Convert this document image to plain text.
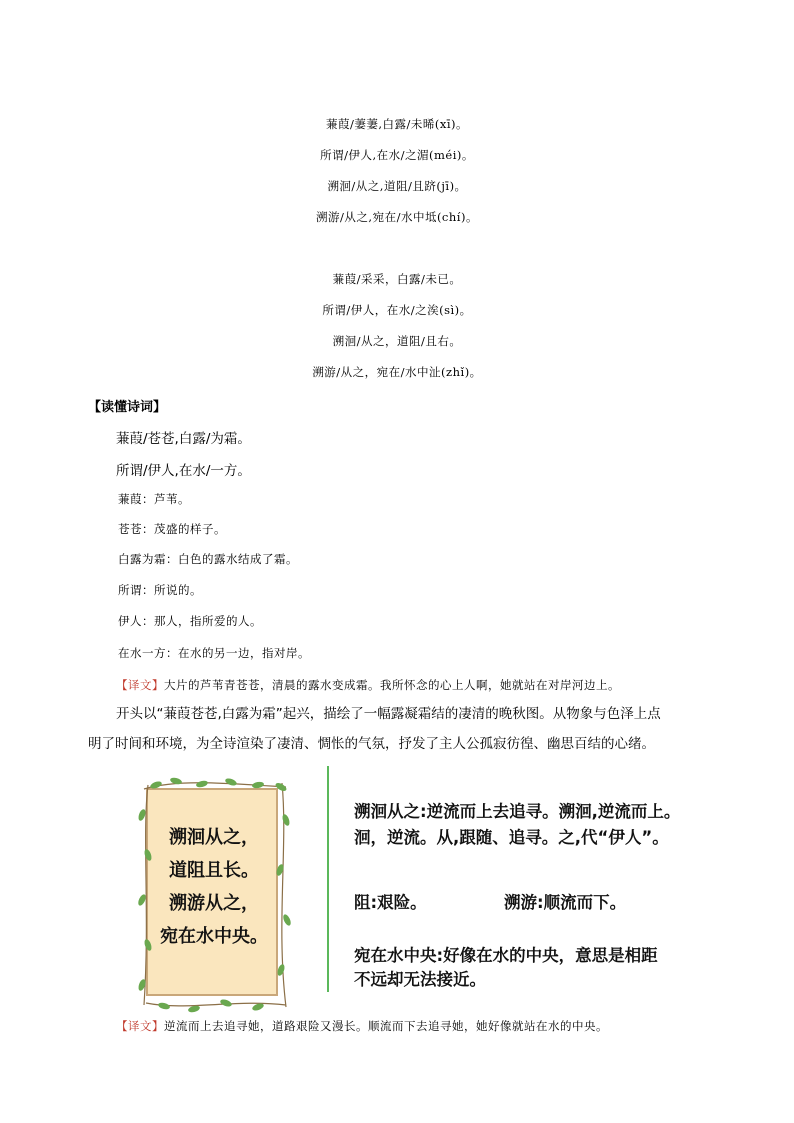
蒹葭/萋萋,白露/未晞(xī)。
所谓/伊人,在水/之湄(méi)。
溯洄/从之,道阻/且跻(jī)。
溯游/从之,宛在/水中坻(chí)。
蒹葭/采采，白露/未已。
所谓/伊人，在水/之涘(sì)。
溯洄/从之，道阻/且右。
溯游/从之，宛在/水中沚(zhǐ)。
【读懂诗词】
蒹葭/苍苍,白露/为霜。
所谓/伊人,在水/一方。
蒹葭：芦苇。
苍苍：茂盛的样子。
白露为霜：白色的露水结成了霜。
所谓：所说的。
伊人：那人，指所爱的人。
在水一方：在水的另一边，指对岸。
【译文】大片的芦苇青苍苍，清晨的露水变成霜。我所怀念的心上人啊，她就站在对岸河边上。
开头以“蒹葭苍苍,白露为霜”起兴，描绘了一幅露凝霜结的凄清的晚秋图。从物象与色泽上点
明了时间和环境，为全诗渲染了凄清、惆怅的气氛，抒发了主人公孤寂彷徨、幽思百结的心绪。
溯洄从之，
道阻且长。
溯游从之，
宛在水中央。
溯洄从之:逆流而上去追寻。溯洄,逆流而上。
洄，逆流。从,跟随、追寻。之,代“伊人”。
阻:艰险。	溯游:顺流而下。
宛在水中央:好像在水的中央，意思是相距
不远却无法接近。
【译文】逆流而上去追寻她，道路艰险又漫长。顺流而下去追寻她，她好像就站在水的中央。
